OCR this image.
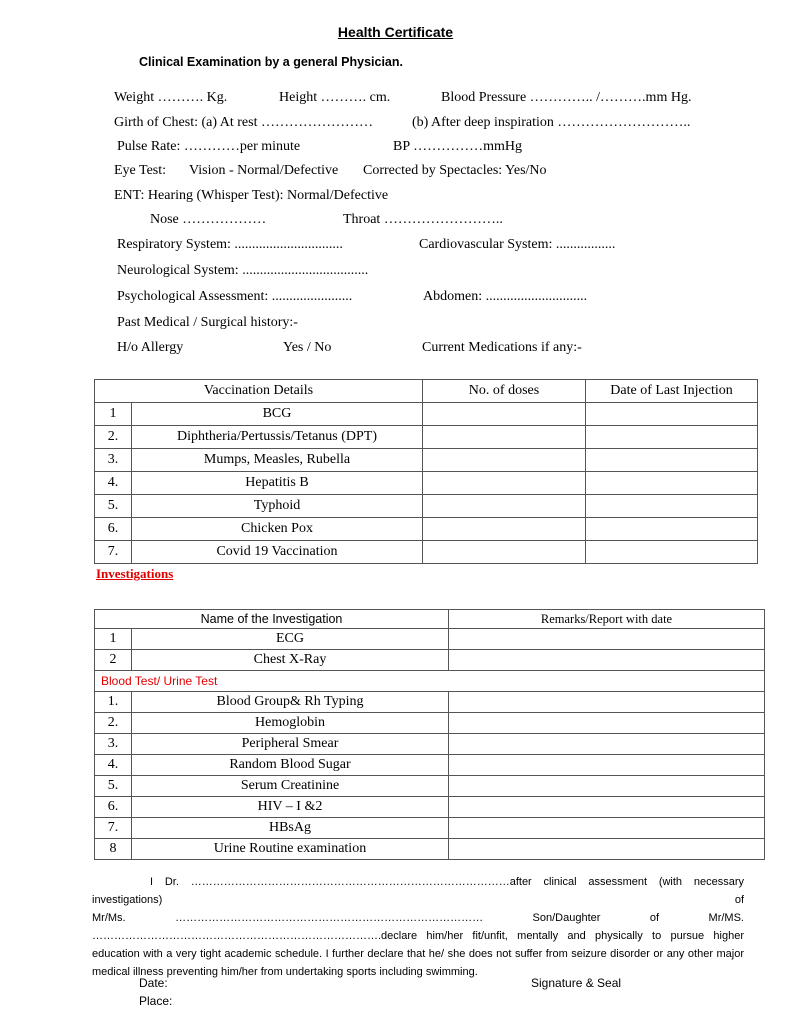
Health Certificate
Clinical Examination by a general Physician.
Weight ………. Kg.	Height ………. cm.	Blood Pressure ………….. /……….mm Hg.
Girth of Chest: (a) At rest ……………………	(b) After deep inspiration ………………………..
Pulse Rate: …………per minute	BP ……………mmHg
Eye Test: Vision - Normal/Defective Corrected by Spectacles: Yes/No
ENT: Hearing (Whisper Test): Normal/Defective
Nose ………………	Throat ……………………..
Respiratory System: ...............................	Cardiovascular System: .................
Neurological System: ....................................
Psychological Assessment: .......................	Abdomen: .............................
Past Medical / Surgical history:-
H/o Allergy	Yes / No	Current Medications if any:-
Vaccination Details		No. of doses	Date of Last Injection
1	BCG		
2.	Diphtheria/Pertussis/Tetanus (DPT)		
3.	Mumps, Measles, Rubella		
4.	Hepatitis B		
5.	Typhoid		
6.	Chicken Pox		
7.	Covid 19 Vaccination		
Investigations
Name of the Investigation		Remarks/Report with date
1	ECG	
2	Chest X-Ray	
Blood Test/ Urine Test		
1.	Blood Group& Rh Typing	
2.	Hemoglobin	
3.	Peripheral Smear	
4.	Random Blood Sugar	
5.	Serum Creatinine	
6.	HIV – I &2	
7.	HBsAg	
8	Urine Routine examination	

I Dr. ……………………………………………………………………………after clinical assessment (with necessary investigations) of

Mr/Ms. ………………………………………………………………………… Son/Daughter of Mr/MS.

…………………………………………………………………….declare him/her fit/unfit, mentally and physically to pursue higher education with a very tight academic schedule. I further declare that he/ she does not suffer from seizure disorder or any other major medical illness preventing him/her from undertaking sports including swimming.

Date:
Place:
Signature & Seal
